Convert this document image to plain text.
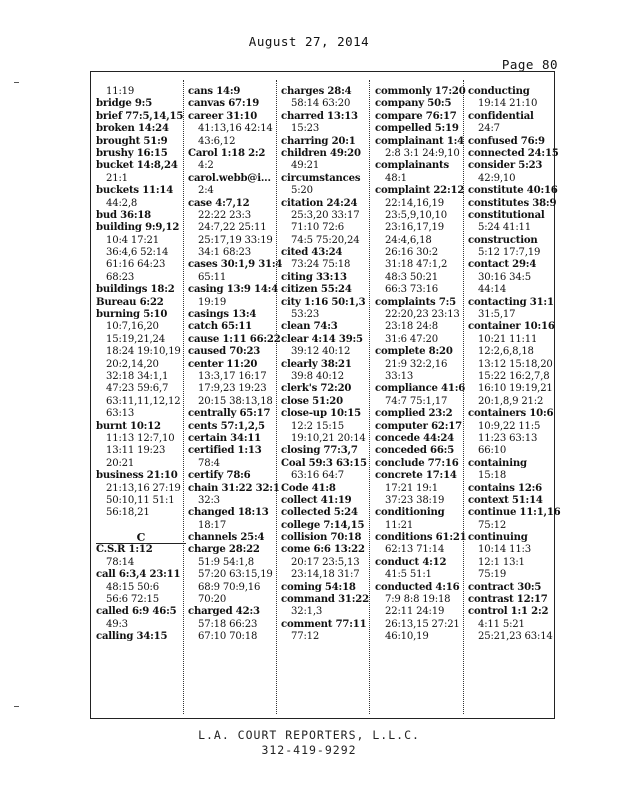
August 27, 2014
Page 80
11:19
bridge 9:5
brief 77:5,14,15
broken 14:24
brought 51:9
brushy 16:15
bucket 14:8,24
21:1
buckets 11:14
44:2,8
bud 36:18
building 9:9,12
10:4 17:21
36:4,6 52:14
61:16 64:23
68:23
buildings 18:2
Bureau 6:22
burning 5:10
10:7,16,20
15:19,21,24
18:24 19:10,19
20:2,14,20
32:18 34:1,1
47:23 59:6,7
63:11,11,12,12
63:13
burnt 10:12
11:13 12:7,10
13:11 19:23
20:21
business 21:10
21:13,16 27:19
50:10,11 51:1
56:18,21
C
C.S.R 1:12
78:14
call 6:3,4 23:11
48:15 50:6
56:6 72:15
called 6:9 46:5
49:3
calling 34:15
cans 14:9
canvas 67:19
career 31:10
41:13,16 42:14
43:6,12
Carol 1:18 2:2
4:2
carol.webb@i...
2:4
case 4:7,12
22:22 23:3
24:7,22 25:11
25:17,19 33:19
34:1 68:23
cases 30:1,9 31:4
65:11
casing 13:9 14:4
19:19
casings 13:4
catch 65:11
cause 1:11 66:22
caused 70:23
center 11:20
13:3,17 16:17
17:9,23 19:23
20:15 38:13,18
centrally 65:17
cents 57:1,2,5
certain 34:11
certified 1:13
78:4
certify 78:6
chain 31:22 32:1
32:3
changed 18:13
18:17
channels 25:4
charge 28:22
51:9 54:1,8
57:20 63:15,19
68:9 70:9,16
70:20
charged 42:3
57:18 66:23
67:10 70:18
charges 28:4
58:14 63:20
charred 13:13
15:23
charring 20:1
children 49:20
49:21
circumstances
5:20
citation 24:24
25:3,20 33:17
71:10 72:6
74:5 75:20,24
cited 43:24
73:24 75:18
citing 33:13
citizen 55:24
city 1:16 50:1,3
53:23
clean 74:3
clear 4:14 39:5
39:12 40:12
clearly 38:21
39:8 40:12
clerk's 72:20
close 51:20
close-up 10:15
12:2 15:15
19:10,21 20:14
closing 77:3,7
Coal 59:3 63:15
63:16 64:7
Code 41:8
collect 41:19
collected 5:24
college 7:14,15
collision 70:18
come 6:6 13:22
20:17 23:5,13
23:14,18 31:7
coming 54:18
command 31:22
32:1,3
comment 77:11
77:12
commonly 17:20
company 50:5
compare 76:17
compelled 5:19
complainant 1:4
2:8 3:1 24:9,10
complainants
48:1
complaint 22:12
22:14,16,19
23:5,9,10,10
23:16,17,19
24:4,6,18
26:16 30:2
31:18 47:1,2
48:3 50:21
66:3 73:16
complaints 7:5
22:20,23 23:13
23:18 24:8
31:6 47:20
complete 8:20
21:9 32:2,16
33:13
compliance 41:6
74:7 75:1,17
complied 23:2
computer 62:17
concede 44:24
conceded 66:5
conclude 77:16
concrete 17:14
17:21 19:1
37:23 38:19
conditioning
11:21
conditions 61:21
62:13 71:14
conduct 4:12
41:5 51:1
conducted 4:16
7:9 8:8 19:18
22:11 24:19
26:13,15 27:21
46:10,19
conducting
19:14 21:10
confidential
24:7
confused 76:9
connected 24:15
consider 5:23
42:9,10
constitute 40:16
constitutes 38:9
constitutional
5:24 41:11
construction
5:12 17:7,19
contact 29:4
30:16 34:5
44:14
contacting 31:1
31:5,17
container 10:16
10:21 11:11
12:2,6,8,18
13:12 15:18,20
15:22 16:2,7,8
16:10 19:19,21
20:1,8,9 21:2
containers 10:6
10:9,22 11:5
11:23 63:13
66:10
containing
15:18
contains 12:6
context 51:14
continue 11:1,16
75:12
continuing
10:14 11:3
12:1 13:1
75:19
contract 30:5
contrast 12:17
control 1:1 2:2
4:11 5:21
25:21,23 63:14
L.A. COURT REPORTERS, L.L.C.
312-419-9292
